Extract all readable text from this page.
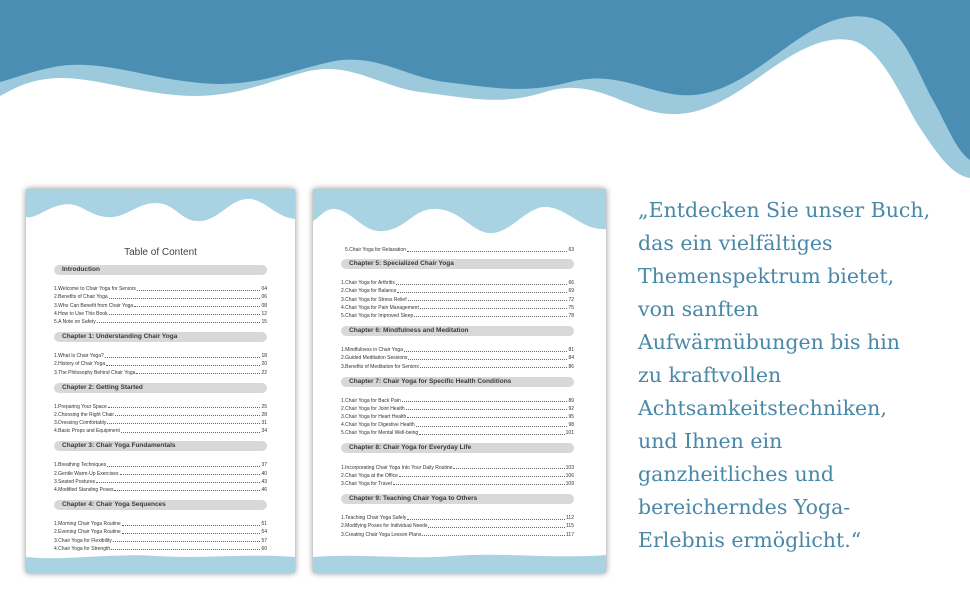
Table of Content
Introduction
1.Welcome to Chair Yoga for Seniors	04
2.Benefits of Chair Yoga	06
3.Who Can Benefit from Chair Yoga	08
4.How to Use This Book	12
5.A Note on Safety	15
Chapter 1: Understanding Chair Yoga
1.What Is Chair Yoga?	18
2.History of Chair Yoga	20
3.The Philosophy Behind Chair Yoga	22
Chapter 2: Getting Started
1.Preparing Your Space	25
2.Choosing the Right Chair	28
3.Dressing Comfortably	31
4.Basic Props and Equipment	34
Chapter 3: Chair Yoga Fundamentals
1.Breathing Techniques	37
2.Gentle Warm-Up Exercises	40
3.Seated Postures	43
4.Modified Standing Poses	46
Chapter 4: Chair Yoga Sequences
1.Morning Chair Yoga Routine	51
2.Evening Chair Yoga Routine	54
3.Chair Yoga for Flexibility	57
4.Chair Yoga for Strength	60
5.Chair Yoga for Relaxation	63
Chapter 5: Specialized Chair Yoga
1.Chair Yoga for Arthritis	66
2.Chair Yoga for Balance	69
3.Chair Yoga for Stress Relief	72
4.Chair Yoga for Pain Management	75
5.Chair Yoga for Improved Sleep	78
Chapter 6: Mindfulness and Meditation
1.Mindfulness in Chair Yoga	81
2.Guided Meditation Sessions	84
3.Benefits of Meditation for Seniors	86
Chapter 7: Chair Yoga for Specific Health Conditions
1.Chair Yoga for Back Pain	89
2.Chair Yoga for Joint Health	92
3.Chair Yoga for Heart Health	95
4.Chair Yoga for Digestive Health	98
5.Chair Yoga for Mental Well-being	101
Chapter 8: Chair Yoga for Everyday Life
1.Incorporating Chair Yoga Into Your Daily Routine	103
2.Chair Yoga at the Office	106
3.Chair Yoga for Travel	109
Chapter 9: Teaching Chair Yoga to Others
1.Teaching Chair Yoga Safely	112
2.Modifying Poses for Individual Needs	115
3.Creating Chair Yoga Lesson Plans	117
„Entdecken Sie unser Buch,
das ein vielfältiges
Themenspektrum bietet,
von sanften
Aufwärmübungen bis hin
zu kraftvollen
Achtsamkeitstechniken,
und Ihnen ein
ganzheitliches und
bereicherndes Yoga-
Erlebnis ermöglicht.“
